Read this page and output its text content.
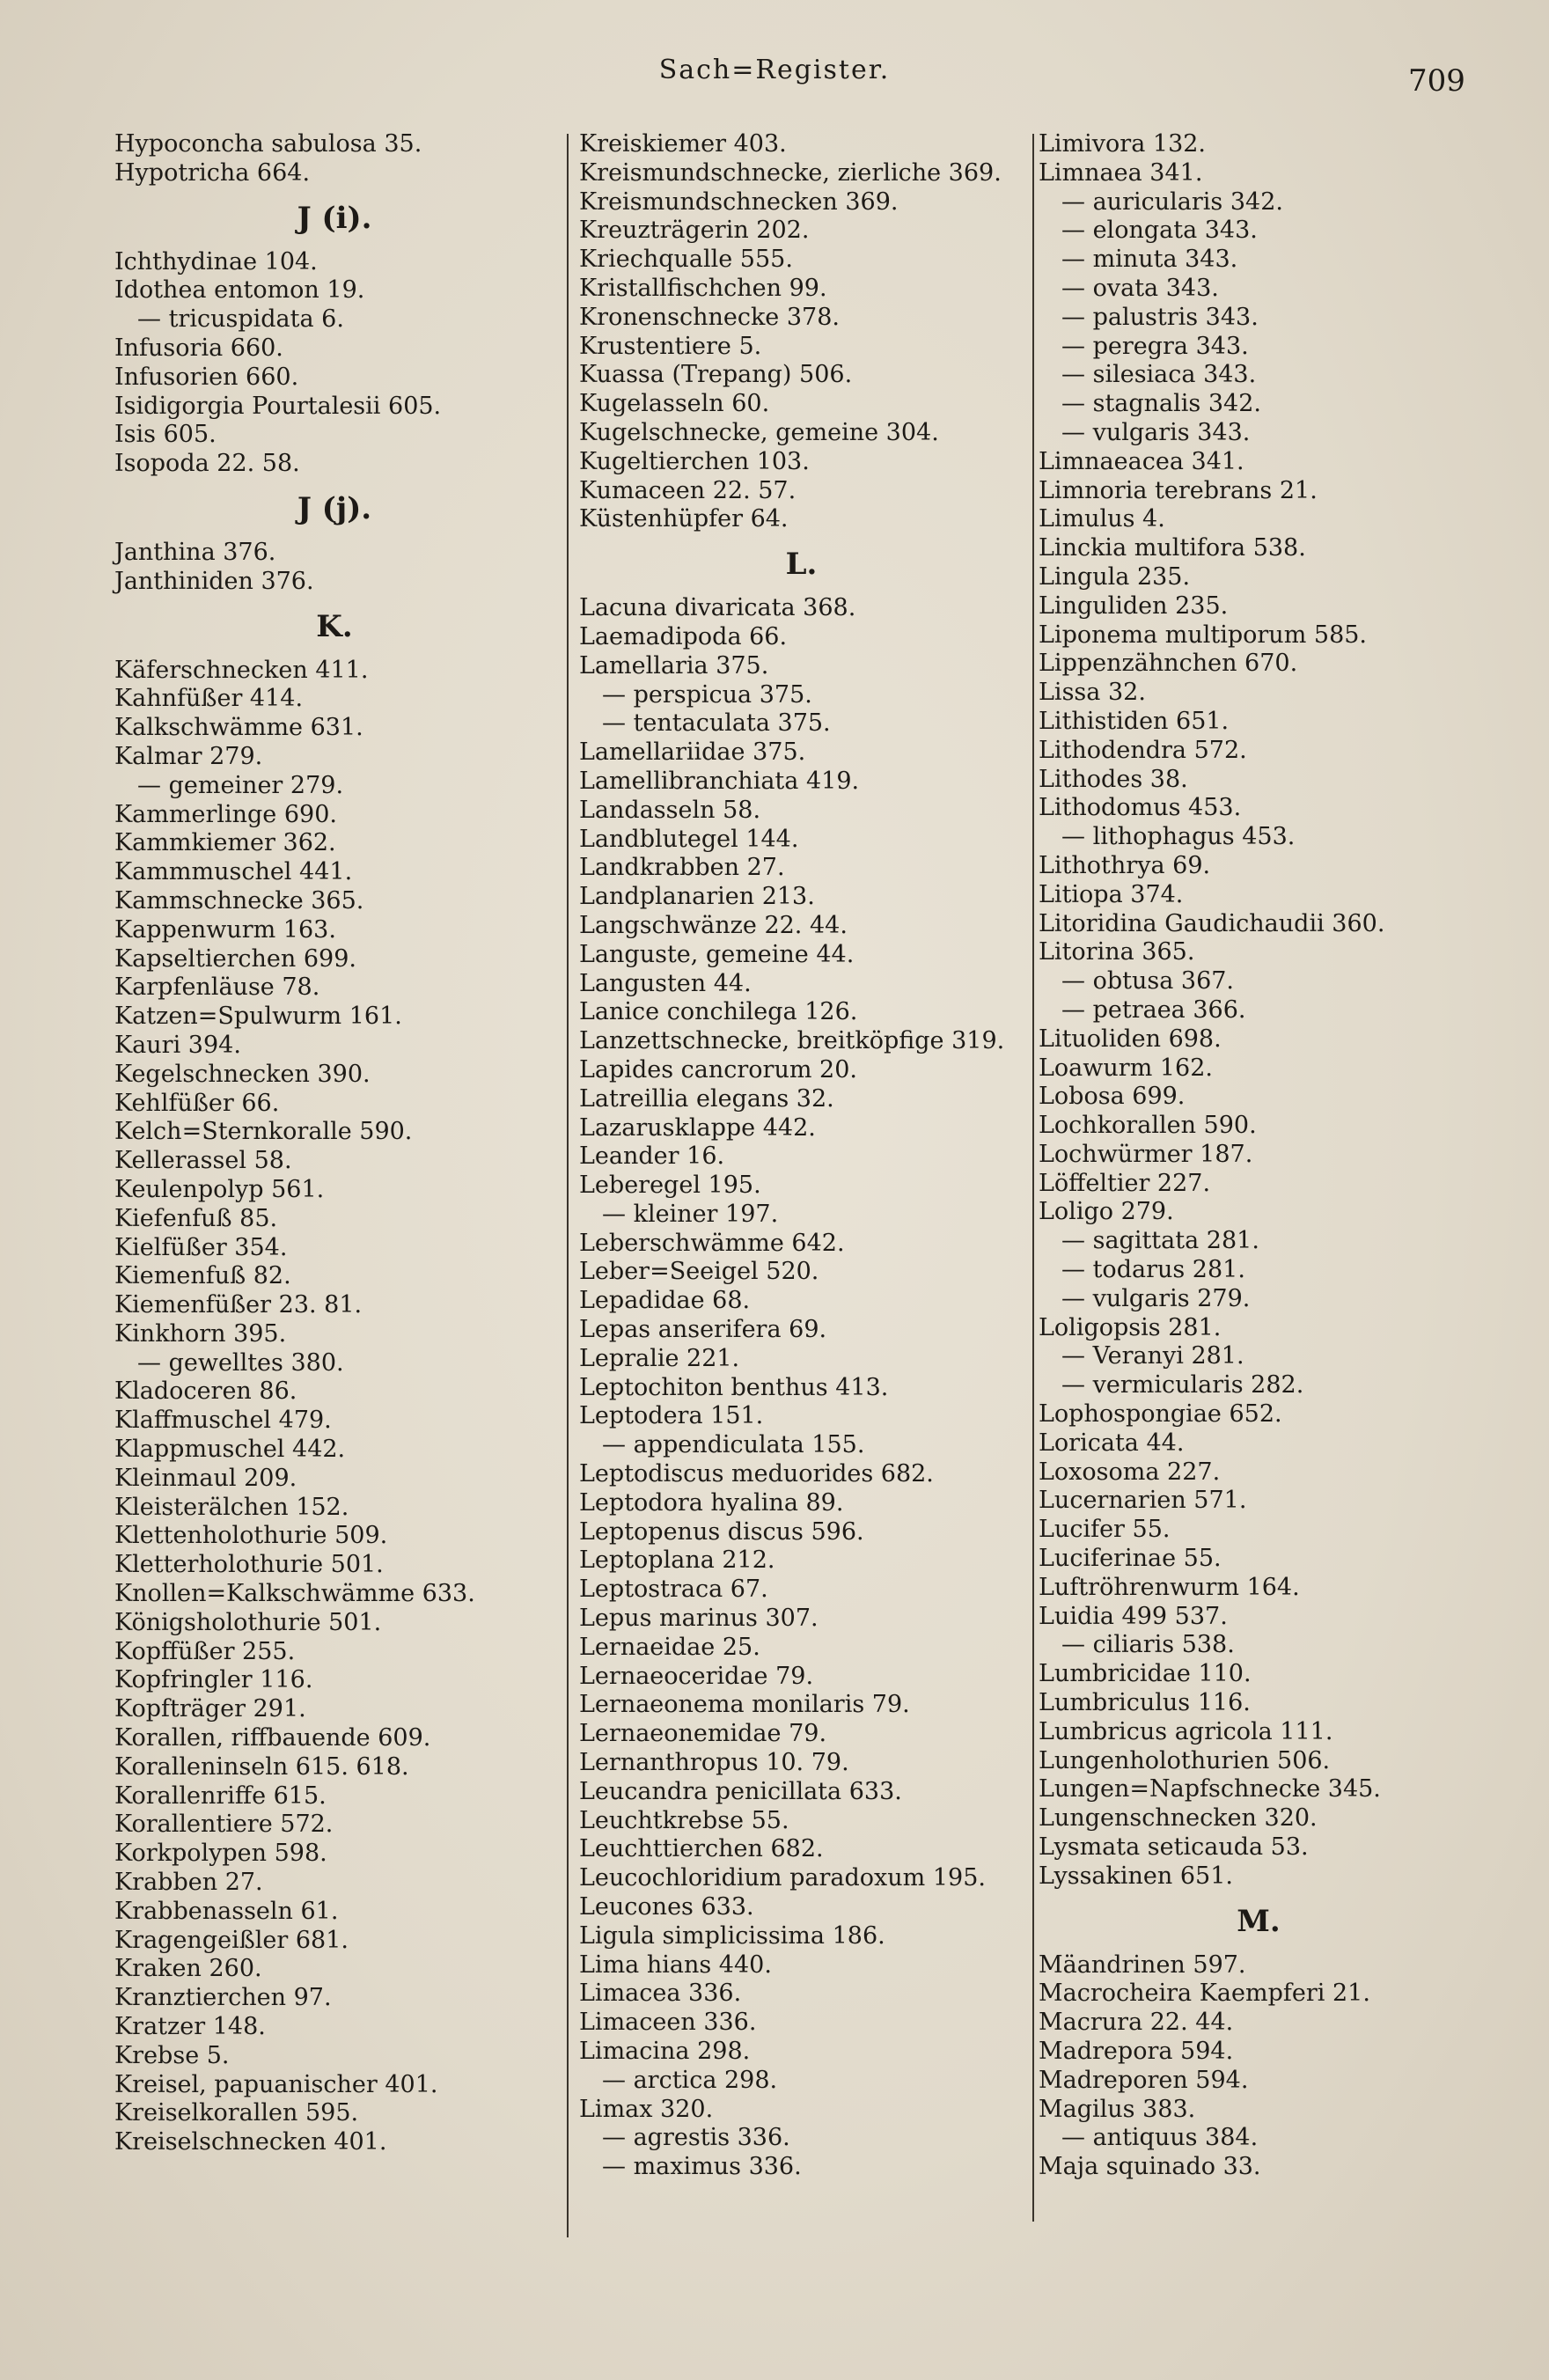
Sach=Register.	709
Hypoconcha sabulosa 35.
Hypotricha 664.
J (i).
Ichthydinae 104.
Idothea entomon 19.
— tricuspidata 6.
Infusoria 660.
Infusorien 660.
Isidigorgia Pourtalesii 605.
Isis 605.
Isopoda 22. 58.
J (j).
Janthina 376.
Janthiniden 376.
K.
Käferschnecken 411.
Kahnfüßer 414.
Kalkschwämme 631.
Kalmar 279.
— gemeiner 279.
Kammerlinge 690.
Kammkiemer 362.
Kammmuschel 441.
Kammschnecke 365.
Kappenwurm 163.
Kapseltierchen 699.
Karpfenläuse 78.
Katzen=Spulwurm 161.
Kauri 394.
Kegelschnecken 390.
Kehlfüßer 66.
Kelch=Sternkoralle 590.
Kellerassel 58.
Keulenpolyp 561.
Kiefenfuß 85.
Kielfüßer 354.
Kiemenfuß 82.
Kiemenfüßer 23. 81.
Kinkhorn 395.
— gewelltes 380.
Kladoceren 86.
Klaffmuschel 479.
Klappmuschel 442.
Kleinmaul 209.
Kleisterälchen 152.
Klettenholothurie 509.
Kletterholothurie 501.
Knollen=Kalkschwämme 633.
Königsholothurie 501.
Kopffüßer 255.
Kopfringler 116.
Kopfträger 291.
Korallen, riffbauende 609.
Koralleninseln 615. 618.
Korallenriffe 615.
Korallentiere 572.
Korkpolypen 598.
Krabben 27.
Krabbenasseln 61.
Kragengeißler 681.
Kraken 260.
Kranztierchen 97.
Kratzer 148.
Krebse 5.
Kreisel, papuanischer 401.
Kreiselkorallen 595.
Kreiselschnecken 401.
Kreiskiemer 403.
Kreismundschnecke, zierliche 369.
Kreismundschnecken 369.
Kreuzträgerin 202.
Kriechqualle 555.
Kristallfischchen 99.
Kronenschnecke 378.
Krustentiere 5.
Kuassa (Trepang) 506.
Kugelasseln 60.
Kugelschnecke, gemeine 304.
Kugeltierchen 103.
Kumaceen 22. 57.
Küstenhüpfer 64.
L.
Lacuna divaricata 368.
Laemadipoda 66.
Lamellaria 375.
— perspicua 375.
— tentaculata 375.
Lamellariidae 375.
Lamellibranchiata 419.
Landasseln 58.
Landblutegel 144.
Landkrabben 27.
Landplanarien 213.
Langschwänze 22. 44.
Languste, gemeine 44.
Langusten 44.
Lanice conchilega 126.
Lanzettschnecke, breitköpfige 319.
Lapides cancrorum 20.
Latreillia elegans 32.
Lazarusklappe 442.
Leander 16.
Leberegel 195.
— kleiner 197.
Leberschwämme 642.
Leber=Seeigel 520.
Lepadidae 68.
Lepas anserifera 69.
Lepralie 221.
Leptochiton benthus 413.
Leptodera 151.
— appendiculata 155.
Leptodiscus meduorides 682.
Leptodora hyalina 89.
Leptopenus discus 596.
Leptoplana 212.
Leptostraca 67.
Lepus marinus 307.
Lernaeidae 25.
Lernaeoceridae 79.
Lernaeonema monilaris 79.
Lernaeonemidae 79.
Lernanthropus 10. 79.
Leucandra penicillata 633.
Leuchtkrebse 55.
Leuchttierchen 682.
Leucochloridium paradoxum 195.
Leucones 633.
Ligula simplicissima 186.
Lima hians 440.
Limacea 336.
Limaceen 336.
Limacina 298.
— arctica 298.
Limax 320.
— agrestis 336.
— maximus 336.
Limivora 132.
Limnaea 341.
— auricularis 342.
— elongata 343.
— minuta 343.
— ovata 343.
— palustris 343.
— peregra 343.
— silesiaca 343.
— stagnalis 342.
— vulgaris 343.
Limnaeacea 341.
Limnoria terebrans 21.
Limulus 4.
Linckia multifora 538.
Lingula 235.
Linguliden 235.
Liponema multiporum 585.
Lippenzähnchen 670.
Lissa 32.
Lithistiden 651.
Lithodendra 572.
Lithodes 38.
Lithodomus 453.
— lithophagus 453.
Lithothrya 69.
Litiopa 374.
Litoridina Gaudichaudii 360.
Litorina 365.
— obtusa 367.
— petraea 366.
Lituoliden 698.
Loawurm 162.
Lobosa 699.
Lochkorallen 590.
Lochwürmer 187.
Löffeltier 227.
Loligo 279.
— sagittata 281.
— todarus 281.
— vulgaris 279.
Loligopsis 281.
— Veranyi 281.
— vermicularis 282.
Lophospongiae 652.
Loricata 44.
Loxosoma 227.
Lucernarien 571.
Lucifer 55.
Luciferinae 55.
Luftröhrenwurm 164.
Luidia 499 537.
— ciliaris 538.
Lumbricidae 110.
Lumbriculus 116.
Lumbricus agricola 111.
Lungenholothurien 506.
Lungen=Napfschnecke 345.
Lungenschnecken 320.
Lysmata seticauda 53.
Lyssakinen 651.
M.
Mäandrinen 597.
Macrocheira Kaempferi 21.
Macrura 22. 44.
Madrepora 594.
Madreporen 594.
Magilus 383.
— antiquus 384.
Maja squinado 33.
